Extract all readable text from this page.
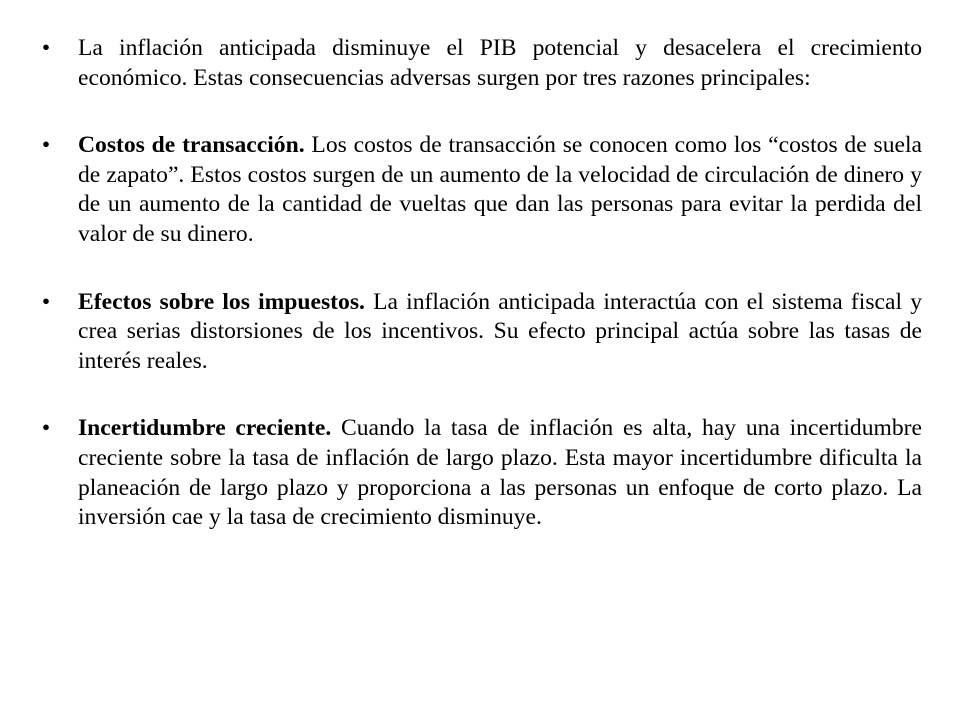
• La inflación anticipada disminuye el PIB potencial y desacelera el crecimiento económico. Estas consecuencias adversas surgen por tres razones principales:
• Costos de transacción. Los costos de transacción se conocen como los “costos de suela de zapato”. Estos costos surgen de un aumento de la velocidad de circulación de dinero y de un aumento de la cantidad de vueltas que dan las personas para evitar la perdida del valor de su dinero.
• Efectos sobre los impuestos. La inflación anticipada interactúa con el sistema fiscal y crea serias distorsiones de los incentivos. Su efecto principal actúa sobre las tasas de interés reales.
• Incertidumbre creciente. Cuando la tasa de inflación es alta, hay una incertidumbre creciente sobre la tasa de inflación de largo plazo. Esta mayor incertidumbre dificulta la planeación de largo plazo y proporciona a las personas un enfoque de corto plazo. La inversión cae y la tasa de crecimiento disminuye.
